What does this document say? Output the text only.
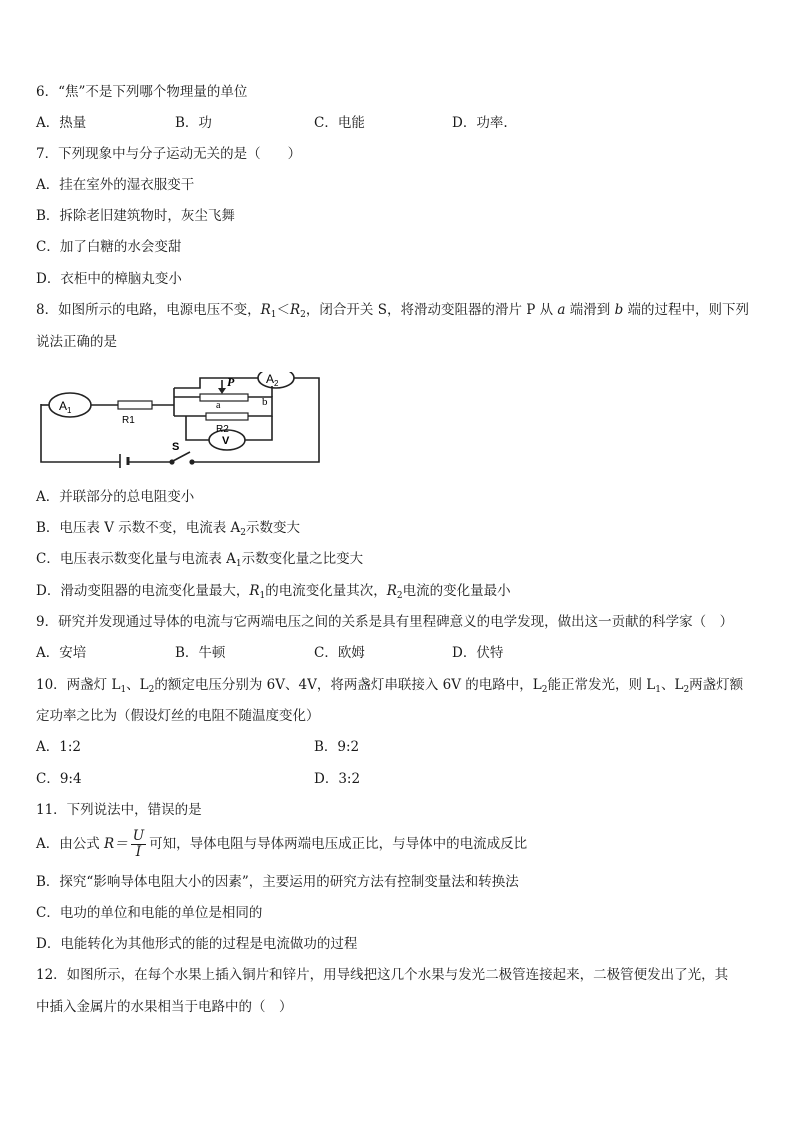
6．“焦”不是下列哪个物理量的单位
A．热量	B．功	C．电能	D．功率.
7．下列现象中与分子运动无关的是（　　）
A．挂在室外的湿衣服变干
B．拆除老旧建筑物时，灰尘飞舞
C．加了白糖的水会变甜
D．衣柜中的樟脑丸变小
8．如图所示的电路，电源电压不变，$R_1<R_2$，闭合开关 S，将滑动变阻器的滑片 P 从 a 端滑到 b 端的过程中，则下列
说法正确的是
$A_1$
$A_2$
R1
R2
V
P
a	b
S
A．并联部分的总电阻变小
B．电压表 V 示数不变，电流表 $A_2$示数变大
C．电压表示数变化量与电流表 $A_1$示数变化量之比变大
D．滑动变阻器的电流变化量最大，$R_1$的电流变化量其次，$R_2$电流的变化量最小
9．研究并发现通过导体的电流与它两端电压之间的关系是具有里程碑意义的电学发现，做出这一贡献的科学家（　）
A．安培	B．牛顿	C．欧姆	D．伏特
10．两盏灯 $L_1$、$L_2$的额定电压分别为 6V、4V，将两盏灯串联接入 6V 的电路中，$L_2$能正常发光，则 $L_1$、$L_2$两盏灯额
定功率之比为（假设灯丝的电阻不随温度变化）
A．1:2	B．9:2
C．9:4	D．3:2
11．下列说法中，错误的是
A．由公式 $R= \frac{U}{I}$ 可知，导体电阻与导体两端电压成正比，与导体中的电流成反比
B．探究“影响导体电阻大小的因素”，主要运用的研究方法有控制变量法和转换法
C．电功的单位和电能的单位是相同的
D．电能转化为其他形式的能的过程是电流做功的过程
12．如图所示，在每个水果上插入铜片和锌片，用导线把这几个水果与发光二极管连接起来，二极管便发出了光，其
中插入金属片的水果相当于电路中的（　）
